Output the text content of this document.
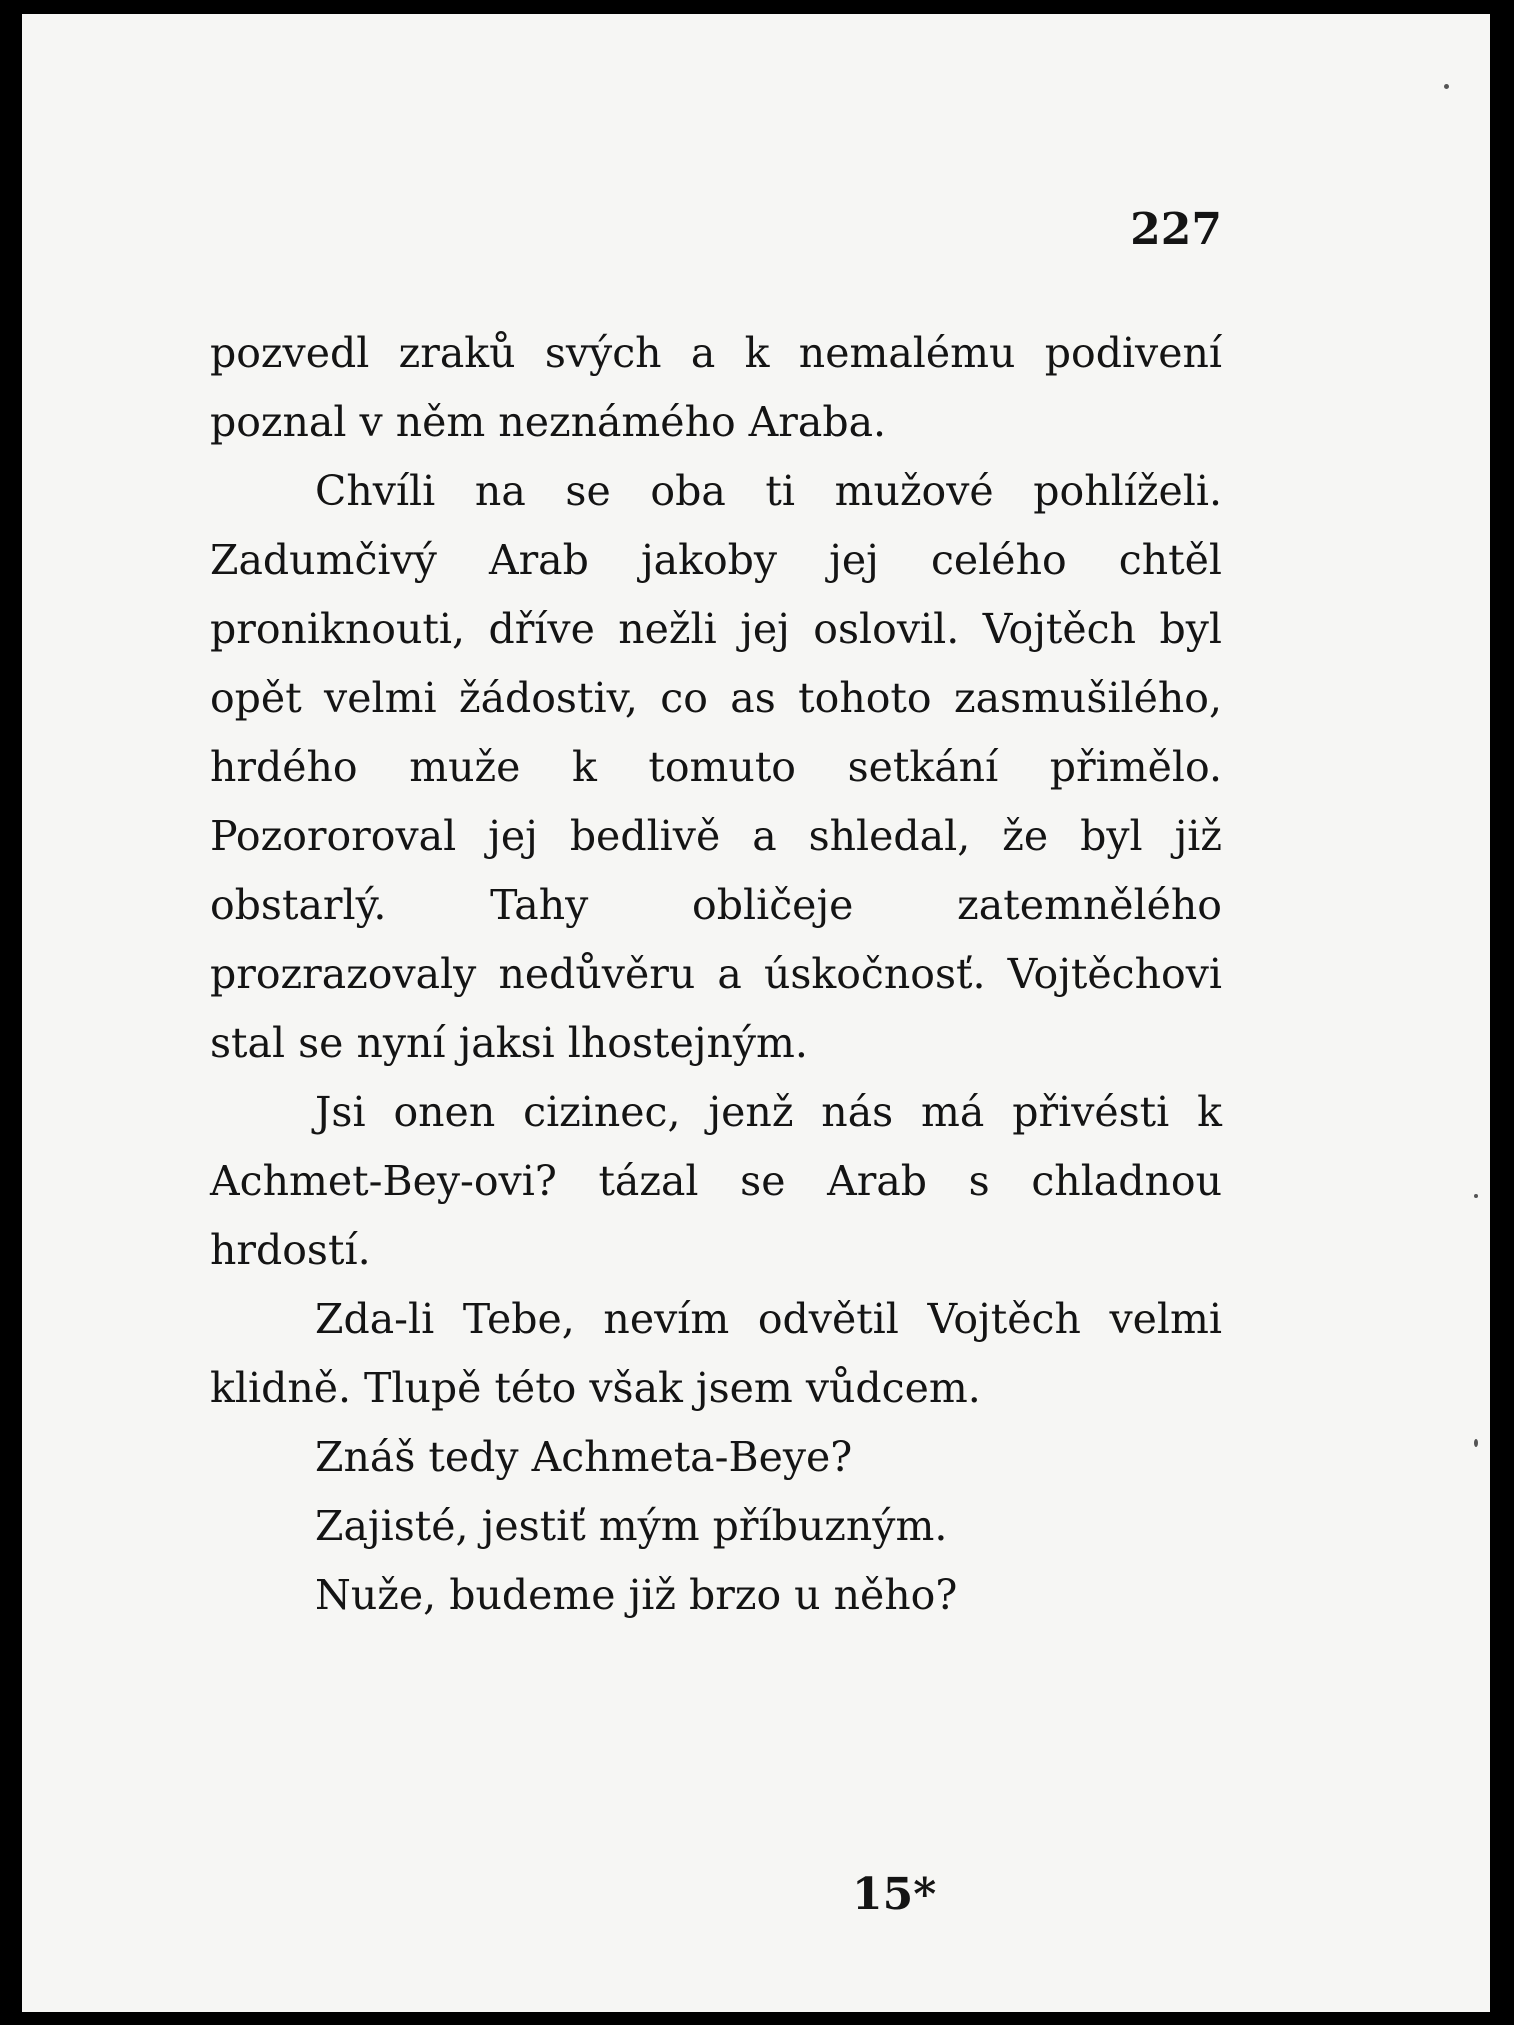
227

pozvedl zraků svých a k nemalému podivení poznal v něm neznámého Araba.

Chvíli na se oba ti mužové pohlíželi. Zadumčivý Arab jakoby jej celého chtěl proniknouti, dříve nežli jej oslovil. Vojtěch byl opět velmi žádostiv, co as tohoto zasmušilého, hrdého muže k tomuto setkání přimělo. Pozororoval jej bedlivě a shledal, že byl již obstarlý. Tahy obličeje zatemnělého prozrazovaly nedůvěru a úskočnosť. Vojtěchovi stal se nyní jaksi lhostejným.

Jsi onen cizinec, jenž nás má přivésti k Achmet-Bey-ovi? tázal se Arab s chladnou hrdostí.

Zda-li Tebe, nevím odvětil Vojtěch velmi klidně. Tlupě této však jsem vůdcem.

Znáš tedy Achmeta-Beye?

Zajisté, jestiť mým příbuzným.

Nuže, budeme již brzo u něho?

15*
